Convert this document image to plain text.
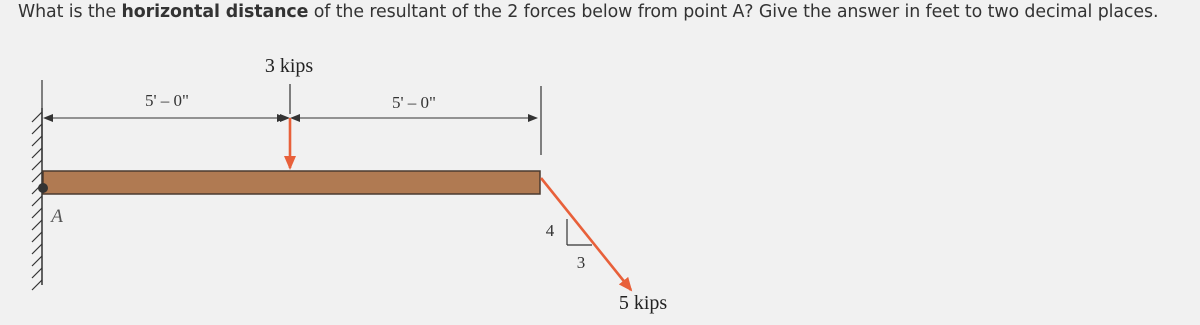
What is the horizontal distance of the resultant of the 2 forces below from point A? Give the answer in feet to two decimal places.
5' – 0"	5' – 0"
3 kips
A
4
3
5 kips
